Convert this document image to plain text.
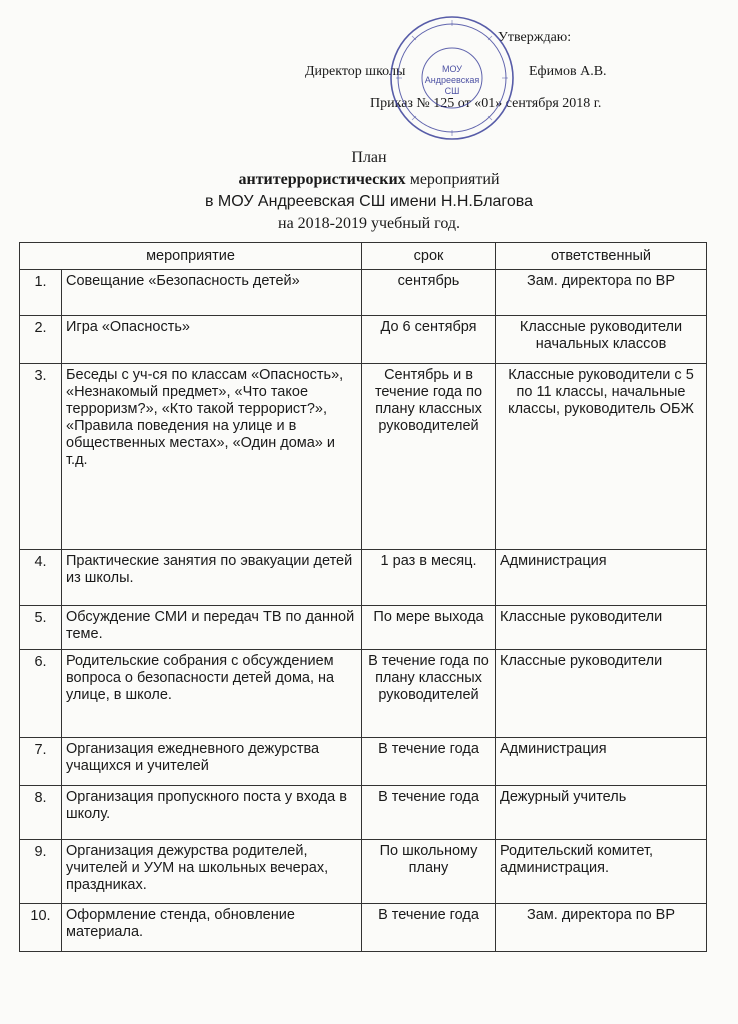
Утверждаю:
Директор школы	Ефимов А.В.
Приказ № 125 от «01» сентября 2018 г.
МОУ
Андреевская
СШ
План
антитеррористических мероприятий
в МОУ Андреевская СШ имени Н.Н.Благова
на 2018-2019 учебный год.
мероприятие		срок	ответственный
1.	Совещание «Безопасность детей»	сентябрь	Зам. директора по ВР
2.	Игра «Опасность»	До 6 сентября	Классные руководители начальных классов
3.	Беседы с уч-ся по классам «Опасность», «Незнакомый предмет», «Что такое терроризм?», «Кто такой террорист?», «Правила поведения на улице и в общественных местах», «Один дома» и т.д.	Сентябрь и в течение года по плану классных руководителей	Классные руководители с 5 по 11 классы, начальные классы, руководитель ОБЖ
4.	Практические занятия по эвакуации детей из школы.	1 раз в месяц.	Администрация
5.	Обсуждение СМИ и передач ТВ по данной теме.	По мере выхода	Классные руководители
6.	Родительские собрания с обсуждением вопроса о безопасности детей дома, на улице, в школе.	В течение года по плану классных руководителей	Классные руководители
7.	Организация ежедневного дежурства учащихся и учителей	В течение года	Администрация
8.	Организация пропускного поста у входа в школу.	В течение года	Дежурный учитель
9.	Организация дежурства родителей, учителей и УУМ на школьных вечерах, праздниках.	По школьному плану	Родительский комитет, администрация.
10.	Оформление стенда, обновление материала.	В течение года	Зам. директора по ВР
